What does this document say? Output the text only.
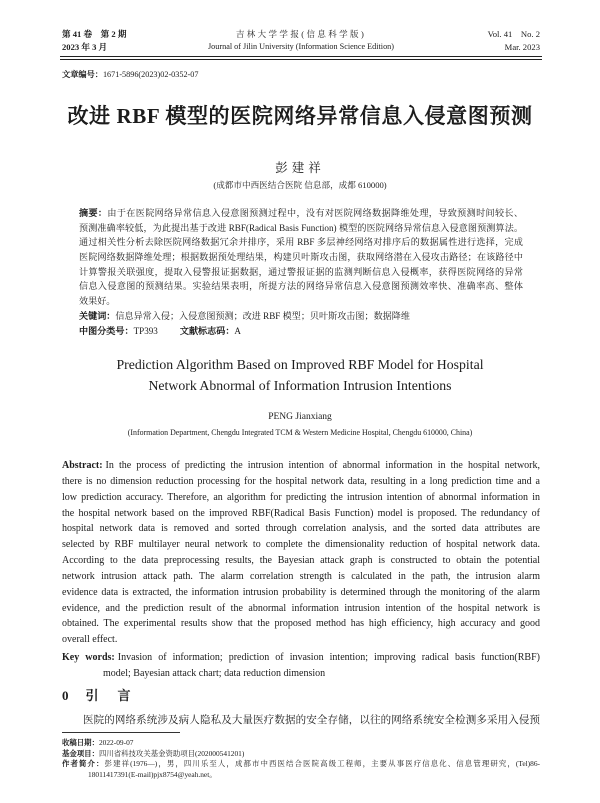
第 41 卷　第 2 期
2023 年 3 月
吉林大学学报(信息科学版)
Journal of Jilin University (Information Science Edition)
Vol. 41　No. 2
Mar. 2023
文章编号：1671-5896(2023)02-0352-07
改进 RBF 模型的医院网络异常信息入侵意图预测
彭建祥
(成都市中西医结合医院 信息部，成都 610000)
摘要：由于在医院网络异常信息入侵意图预测过程中，没有对医院网络数据降维处理，导致预测时间较长、
预测准确率较低，为此提出基于改进 RBF(Radical Basis Function) 模型的医院网络异常信息入侵意图预测算法。
通过相关性分析去除医院网络数据冗余并排序，采用 RBF 多层神经网络对排序后的数据属性进行选择，完成
医院网络数据降维处理；根据数据预处理结果，构建贝叶斯攻击图，获取网络潜在入侵攻击路径；在该路径中
计算警报关联强度，提取入侵警报证据数据，通过警报证据的监测判断信息入侵概率，获得医院网络的异常
信息入侵意图的预测结果。实验结果表明，所提方法的网络异常信息入侵意图预测效率快、准确率高、整体
效果好。
关键词：信息异常入侵；入侵意图预测；改进 RBF 模型；贝叶斯攻击图；数据降维
中图分类号：TP393 文献标志码：A
Prediction Algorithm Based on Improved RBF Model for Hospital
Network Abnormal of Information Intrusion Intentions
PENG Jianxiang
(Information Department, Chengdu Integrated TCM & Western Medicine Hospital, Chengdu 610000, China)
Abstract: In the process of predicting the intrusion intention of abnormal information in the hospital network,
there is no dimension reduction processing for the hospital network data, resulting in a long prediction time and a
low prediction accuracy. Therefore, an algorithm for predicting the intrusion intention of abnormal information in
the hospital network based on the improved RBF(Radical Basis Function) model is proposed. The redundancy of
hospital network data is removed and sorted through correlation analysis, and the sorted data attributes are
selected by RBF multilayer neural network to complete the dimensionality reduction of hospital network data.
According to the data preprocessing results, the Bayesian attack graph is constructed to obtain the potential
network intrusion attack path. The alarm correlation strength is calculated in the path, the intrusion alarm
evidence data is extracted, the information intrusion probability is determined through the monitoring of the alarm
evidence, and the prediction result of the abnormal information intrusion intention of the hospital network is
obtained. The experimental results show that the proposed method has high efficiency, high accuracy and good
overall effect.
Key words: Invasion of information; prediction of invasion intention; improving radical basis function(RBF)
model; Bayesian attack chart; data reduction dimension
0 引　言
医院的网络系统涉及病人隐私及大量医疗数据的安全存储，以往的网络系统安全检测多采用入侵预
收稿日期：2022-09-07
基金项目：四川省科技攻关基金资助项目(202000541201)
作者简介：彭建祥(1976—)，男，四川乐至人，成都市中西医结合医院高级工程师，主要从事医疗信息化、信息管理研究，(Tel)86-
18011417391(E-mail)pjx8754@yeah.net。
